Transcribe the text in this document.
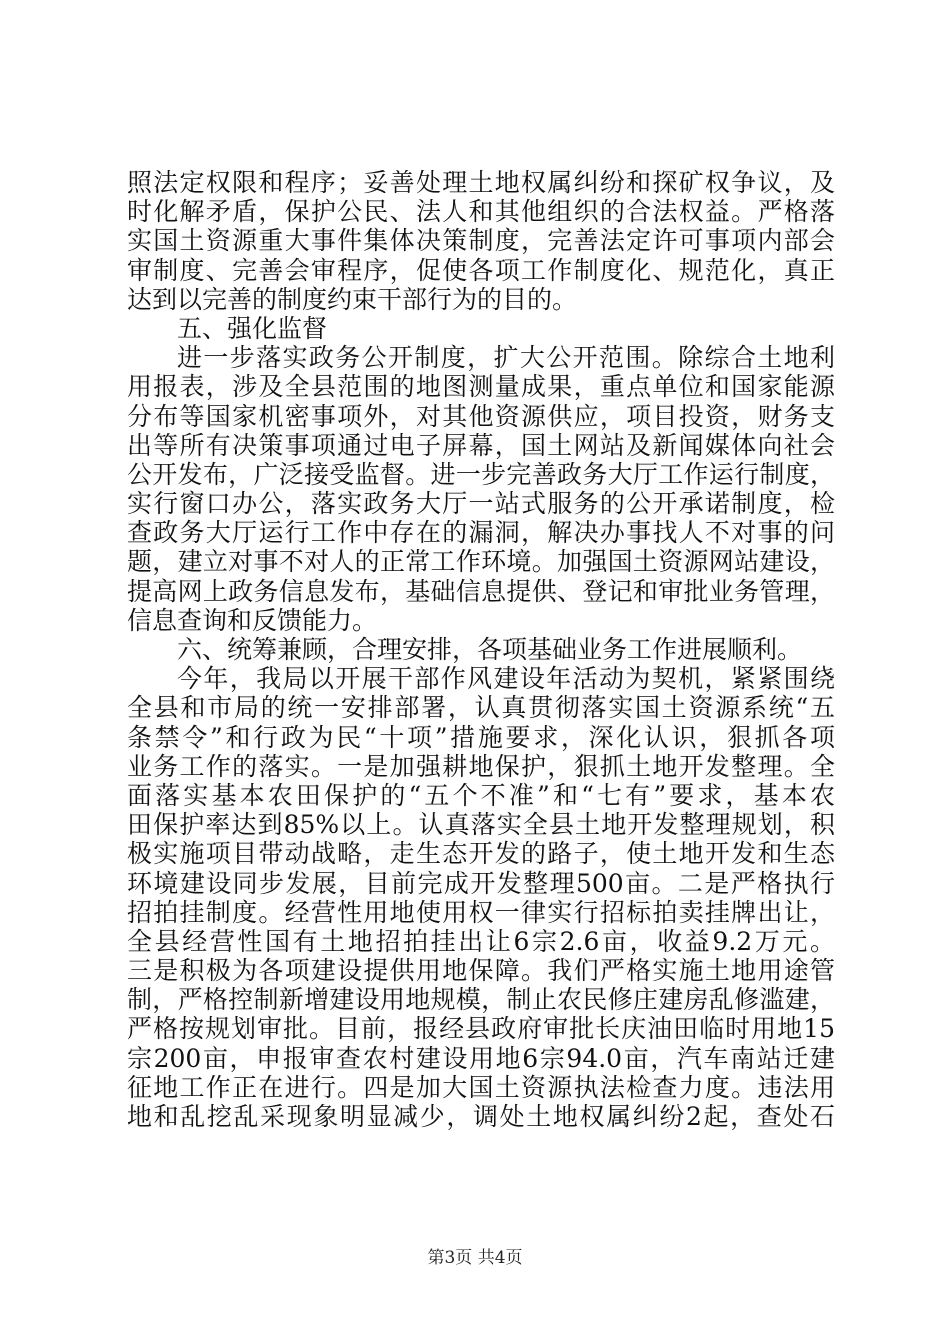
照法定权限和程序；妥善处理土地权属纠纷和探矿权争议，及
时化解矛盾，保护公民、法人和其他组织的合法权益。严格落
实国土资源重大事件集体决策制度，完善法定许可事项内部会
审制度、完善会审程序，促使各项工作制度化、规范化，真正
达到以完善的制度约束干部行为的目的。
五、强化监督
进一步落实政务公开制度，扩大公开范围。除综合土地利
用报表，涉及全县范围的地图测量成果，重点单位和国家能源
分布等国家机密事项外，对其他资源供应，项目投资，财务支
出等所有决策事项通过电子屏幕，国土网站及新闻媒体向社会
公开发布，广泛接受监督。进一步完善政务大厅工作运行制度，
实行窗口办公，落实政务大厅一站式服务的公开承诺制度，检
查政务大厅运行工作中存在的漏洞，解决办事找人不对事的问
题，建立对事不对人的正常工作环境。加强国土资源网站建设，
提高网上政务信息发布，基础信息提供、登记和审批业务管理，
信息查询和反馈能力。
六、统筹兼顾，合理安排，各项基础业务工作进展顺利。
今年，我局以开展干部作风建设年活动为契机，紧紧围绕
全县和市局的统一安排部署，认真贯彻落实国土资源系统“五
条禁令”和行政为民“十项”措施要求，深化认识，狠抓各项
业务工作的落实。一是加强耕地保护，狠抓土地开发整理。全
面落实基本农田保护的“五个不准”和“七有”要求，基本农
田保护率达到85%以上。认真落实全县土地开发整理规划，积
极实施项目带动战略，走生态开发的路子，使土地开发和生态
环境建设同步发展，目前完成开发整理500亩。二是严格执行
招拍挂制度。经营性用地使用权一律实行招标拍卖挂牌出让，
全县经营性国有土地招拍挂出让6宗2.6亩，收益9.2万元。
三是积极为各项建设提供用地保障。我们严格实施土地用途管
制，严格控制新增建设用地规模，制止农民修庄建房乱修滥建，
严格按规划审批。目前，报经县政府审批长庆油田临时用地15
宗200亩，申报审查农村建设用地6宗94.0亩，汽车南站迁建
征地工作正在进行。四是加大国土资源执法检查力度。违法用
地和乱挖乱采现象明显减少，调处土地权属纠纷2起，查处石
第3页 共4页
